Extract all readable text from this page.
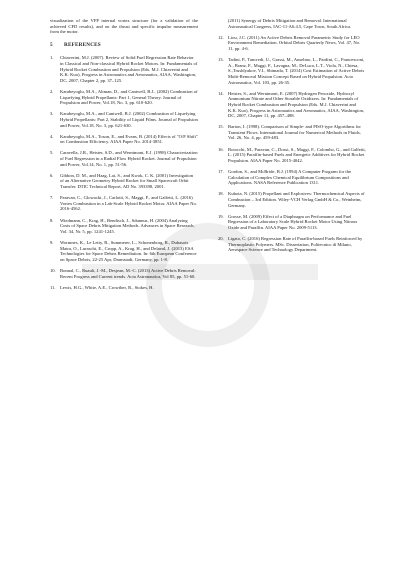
visualization of the VFP internal vortex structure (for a validation of the achieved CFD results), and on the thrust and specific impulse measurement from the motor.

5 REFERENCES
1.	Chiaverini, M.J. (2007). Review of Solid Fuel Regression Rate Behavior in Classical and Non-classical Hybrid Rocket Motors. In: Fundamentals of Hybrid Rocket Combustion and Propulsion (Eds. M.J. Chiaverini and K.K. Kuo), Progress in Astronautics and Aeronautics, AIAA, Washington, DC, 2007, Chapter 2, pp. 37–125.
2.	Karabeyoglu, M.A., Altman, D., and Cantwell, B.J., (2002) Combustion of Liquefying Hybrid Propellants: Part 1, General Theory. Journal of Propulsion and Power, Vol.18, No. 3, pp. 610-620.
3.	Karabeyoglu, M.A., and Cantwell, B.J. (2002) Combustion of Liquefying Hybrid Propellants: Part 2, Stability of Liquid Films. Journal of Propulsion and Power, Vol.18, No. 3, pp. 621-630.
4.	Karabeyoglu, M.A., Toson, E., and Evans, B. (2014) Effects of "O/F Shift" on Combustion Efficiency. AIAA Paper No. 2014-3851.
5.	Caravella, J.R., Heister, S.D., and Wernimont, E.J. (1998) Characterization of Fuel Regression in a Radial Flow Hybrid Rocket. Journal of Propulsion and Power, Vol.14, No. 1, pp. 51-56.
6.	Gibbon, D. M., and Haag, Lai, S., and Kwok, C. K. (2001) Investigation of an Alternative Geometry Hybrid Rocket for Small Spacecraft Orbit Transfer. DTIC Technical Report, AD No. 393398, 2001.
7.	Paravan, C., Glowacki, J., Carlotti, S., Maggi, F., and Galfetti, L. (2016) Vortex Combustion in a Lab-Scale Hybrid Rocket Motor. AIAA Paper No. 2016-4562.
8.	Wiedmann, C., Krag, H., Bendisch, J., Sdunnus, H. (2004) Analyzing Costs of Space Debris Mitigation Methods. Advances in Space Research, Vol. 34, Nr. 5, pp. 1241-1245.
9.	Wormnes, K., Le Letty, R., Summerer, L., Schonenborg, R., Dubasois Matra, O., Luraschi, E., Cropp, A., Krag, H., and Delaval, J. (2013) ESA Technologies for Space Debris Remediation. In: 6th European Conference on Space Debris, 22-25 Apr, Darmstadt, Germany, pp. 1-8.
10. Bonnal, C., Ruault, J.-M., Desjean, M.-C. (2013) Active Debris Removal: Recent Progress and Current trends. Acta Astronautica, Vol 85, pp. 51-60.
11. Lewis, H.G., White, A.E., Crowther, R., Stokes, H.
(2011) Synergy of Debris Mitigation and Removal. International Astronautical Congress, IAC-11-A6.4.5, Cape Town, South Africa.
12. Liou, J.C. (2011) An Active Debris Removal Parametric Study for LEO Environment Remediation. Orbital Debris Quarterly News, Vol. 47, No. 11, pp. 4-6.
13. Tadini, P., Tancredi, U., Grassi, M., Anselmo, L., Pardini, C., Francesconi, A., Branz, F., Maggi, F., Lavagna, M., DeLuca, L.T., Viola, N., Chiesa, S.,Trushlyakov, V.I., Shimada, T. (2014) Cost Estimation of Active Debris Multi-Removal Mission Concept Based on Hybrid Propulsion. Acta Astronautica, Vol. 103, pp. 26-35.
14. Heister, S., and Wernimont, E. (2007) Hydrogen Peroxide, Hydroxyl Ammonium Nitrate and Other Storable Oxidizers. In: Fundamentals of Hybrid Rocket Combustion and Propulsion (Eds. M.J. Chiaverini and K.K. Kuo), Progress in Astronautics and Aeronautics, AIAA, Washington, DC, 2007, Chapter 11, pp. 457–488.
15. Barton, I. (1998). Comparison of Simple- and PISO-type Algorithms for Transient Flows. International Journal for Numerical Methods in Fluids, Vol. 26, No. 4, pp. 459-483.
16. Boiocchi, M., Paravan, C., Dossi, S., Maggi, F., Colombo, G., and Galfetti, L. (2015) Paraffin-based Fuels and Energetic Additives for Hybrid Rocket Propulsion. AIAA Paper No. 2015-4042.
17. Gordon, S., and McBride, B.J. (1994) A Computer Program for the Calculation of Complex Chemical Equilibrium Compositions and Applications. NASA Reference Publication 1311.
18. Kubota, N. (2015) Propellant and Explosives: Thermochemical Aspects of Combustion – 3rd Edition. Wiley-VCH Verlag GmbH & Co., Weinheim, Germany.
19. Grosse, M. (2009) Effect of a Diaphragm on Performance and Fuel Regression of a Laboratory Scale Hybrid Rocket Motor Using Nitrous Oxide and Paraffin. AIAA Paper No. 2009-5113.
20. Ligato, C. (2016) Regression Rate of Paraffin-based Fuels Reinforced by Thermoplastic Polymers. MSc. Dissertation, Politecnico di Milano, Aerospace Science and Technology Department.
